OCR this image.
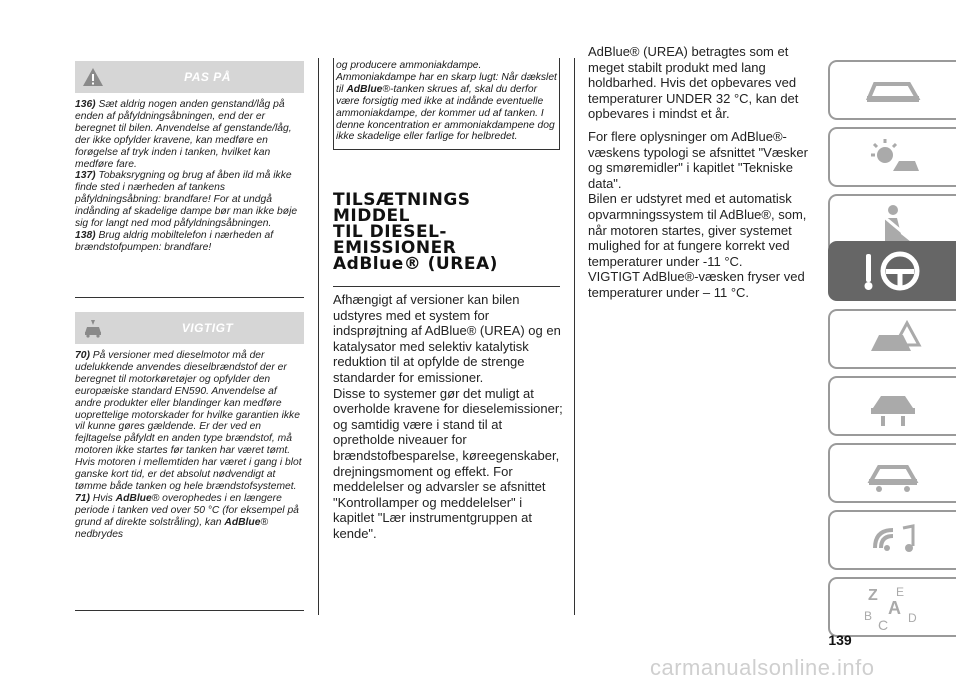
PAS PÅ

136) Sæt aldrig nogen anden genstand/låg på enden af påfyldningsåbningen, end der er beregnet til bilen. Anvendelse af genstande/låg, der ikke opfylder kravene, kan medføre en forøgelse af tryk inden i tanken, hvilket kan medføre fare.

137) Tobaksrygning og brug af åben ild må ikke finde sted i nærheden af tankens påfyldningsåbning: brandfare! For at undgå indånding af skadelige dampe bør man ikke bøje sig for langt ned mod påfyldningsåbningen.

138) Brug aldrig mobiltelefon i nærheden af brændstofpumpen: brandfare!

VIGTIGT

70) På versioner med dieselmotor må der udelukkende anvendes dieselbrændstof der er beregnet til motorkøretøjer og opfylder den europæiske standard EN590. Anvendelse af andre produkter eller blandinger kan medføre uoprettelige motorskader for hvilke garantien ikke vil kunne gøres gældende. Er der ved en fejltagelse påfyldt en anden type brændstof, må motoren ikke startes før tanken har været tømt. Hvis motoren i mellemtiden har været i gang i blot ganske kort tid, er det absolut nødvendigt at tømme både tanken og hele brændstofsystemet.

71) Hvis AdBlue® overophedes i en længere periode i tanken ved over 50 °C (for eksempel på grund af direkte solstråling), kan AdBlue® nedbrydes

og producere ammoniakdampe. Ammoniakdampe har en skarp lugt: Når dækslet til AdBlue®-tanken skrues af, skal du derfor være forsigtig med ikke at indånde eventuelle ammoniakdampe, der kommer ud af tanken. I denne koncentration er ammoniakdampene dog ikke skadelige eller farlige for helbredet.

TILSÆTNINGS
MIDDEL
TIL DIESEL-
EMISSIONER
AdBlue® (UREA)

Afhængigt af versioner kan bilen udstyres med et system for indsprøjtning af AdBlue® (UREA) og en katalysator med selektiv katalytisk reduktion til at opfylde de strenge standarder for emissioner.

Disse to systemer gør det muligt at overholde kravene for dieselemissioner; og samtidig være i stand til at opretholde niveauer for brændstofbesparelse, køreegenskaber, drejningsmoment og effekt. For meddelelser og advarsler se afsnittet "Kontrollamper og meddelelser" i kapitlet "Lær instrumentgruppen at kende".

AdBlue® (UREA) betragtes som et meget stabilt produkt med lang holdbarhed. Hvis det opbevares ved temperaturer UNDER 32 °C, kan det opbevares i mindst et år.

For flere oplysninger om AdBlue®-væskens typologi se afsnittet "Væsker og smøremidler" i kapitlet "Tekniske data".

Bilen er udstyret med et automatisk opvarmningssystem til AdBlue®, som, når motoren startes, giver systemet mulighed for at fungere korrekt ved temperaturer under -11 °C.

VIGTIGT AdBlue®-væsken fryser ved temperaturer under – 11 °C.

Z E
B A D
C
139
carmanualsonline.info
